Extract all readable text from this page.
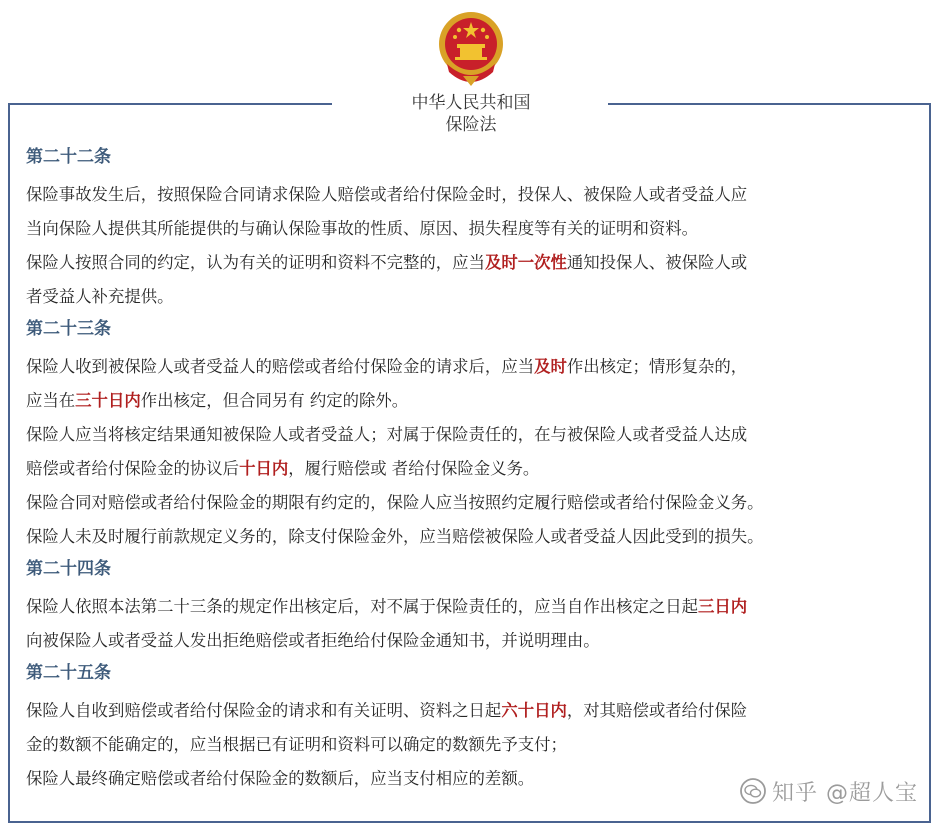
中华人民共和国
保险法
第二十二条

保险事故发生后，按照保险合同请求保险人赔偿或者给付保险金时，投保人、被保险人或者受益人应

当向保险人提供其所能提供的与确认保险事故的性质、原因、损失程度等有关的证明和资料。

保险人按照合同的约定，认为有关的证明和资料不完整的，应当及时一次性通知投保人、被保险人或

者受益人补充提供。

第二十三条

保险人收到被保险人或者受益人的赔偿或者给付保险金的请求后，应当及时作出核定；情形复杂的，

应当在三十日内作出核定，但合同另有 约定的除外。

保险人应当将核定结果通知被保险人或者受益人；对属于保险责任的，在与被保险人或者受益人达成

赔偿或者给付保险金的协议后十日内，履行赔偿或 者给付保险金义务。

保险合同对赔偿或者给付保险金的期限有约定的，保险人应当按照约定履行赔偿或者给付保险金义务。

保险人未及时履行前款规定义务的，除支付保险金外，应当赔偿被保险人或者受益人因此受到的损失。

第二十四条

保险人依照本法第二十三条的规定作出核定后，对不属于保险责任的，应当自作出核定之日起三日内

向被保险人或者受益人发出拒绝赔偿或者拒绝给付保险金通知书，并说明理由。

第二十五条

保险人自收到赔偿或者给付保险金的请求和有关证明、资料之日起六十日内，对其赔偿或者给付保险

金的数额不能确定的，应当根据已有证明和资料可以确定的数额先予支付；

保险人最终确定赔偿或者给付保险金的数额后，应当支付相应的差额。

知乎 @超人宝
